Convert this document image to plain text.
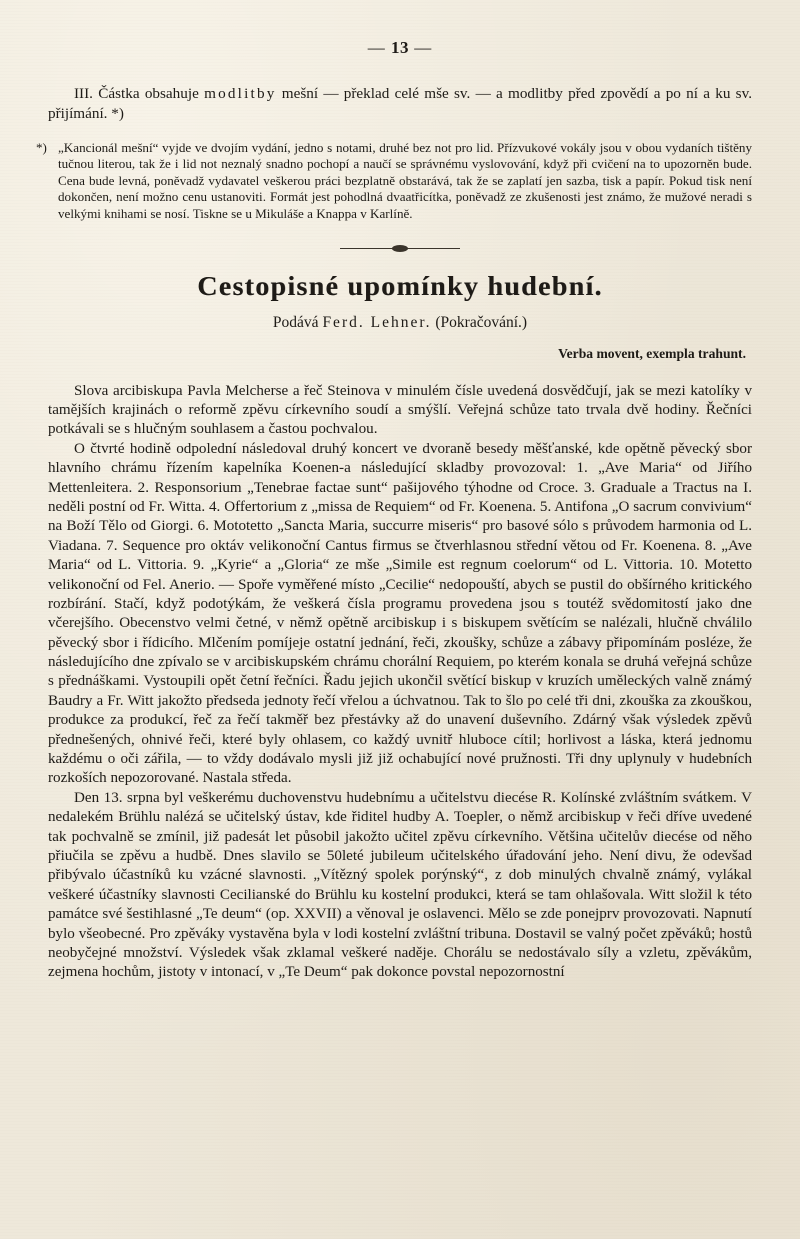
— 13 —

III. Částka obsahuje modlitby mešní — překlad celé mše sv. — a modlitby před zpovědí a po ní a ku sv. přijímání. *)

*) „Kancionál mešní“ vyjde ve dvojím vydání, jedno s notami, druhé bez not pro lid. Přízvukové vokály jsou v obou vydaních tištěny tučnou literou, tak že i lid not neznalý snadno pochopí a naučí se správnému vyslovování, když při cvičení na to upozorněn bude. Cena bude levná, poněvadž vydavatel veškerou práci bezplatně obstarává, tak že se zaplatí jen sazba, tisk a papír. Pokud tisk není dokončen, není možno cenu ustanoviti. Formát jest pohodlná dvaatřicítka, poněvadž ze zkušenosti jest známo, že mužové neradi s velkými knihami se nosí. Tiskne se u Mikuláše a Knappa v Karlíně.
Cestopisné upomínky hudební.
Podává Ferd. Lehner. (Pokračování.)
Verba movent, exempla trahunt.

Slova arcibiskupa Pavla Melcherse a řeč Steinova v minulém čísle uvedená dosvědčují, jak se mezi katolíky v tamějších krajinách o reformě zpěvu církevního soudí a smýšlí. Veřejná schůze tato trvala dvě hodiny. Řečníci potkávali se s hlučným souhlasem a častou pochvalou.

O čtvrté hodině odpolední následoval druhý koncert ve dvoraně besedy měšťanské, kde opětně pěvecký sbor hlavního chrámu řízením kapelníka Koenen-a následující skladby provozoval: 1. „Ave Maria“ od Jiřího Mettenleitera. 2. Responsorium „Tenebrae factae sunt“ pašijového týhodne od Croce. 3. Graduale a Tractus na I. neděli postní od Fr. Witta. 4. Offertorium z „missa de Requiem“ od Fr. Koenena. 5. Antifona „O sacrum convivium“ na Boží Tělo od Giorgi. 6. Mototetto „Sancta Maria, succurre miseris“ pro basové sólo s průvodem harmonia od L. Viadana. 7. Sequence pro oktáv velikonoční Cantus firmus se čtverhlasnou střední větou od Fr. Koenena. 8. „Ave Maria“ od L. Vittoria. 9. „Kyrie“ a „Gloria“ ze mše „Simile est regnum coelorum“ od L. Vittoria. 10. Motetto velikonoční od Fel. Anerio. — Spoře vyměřené místo „Cecilie“ nedopouští, abych se pustil do obšírného kritického rozbírání. Stačí, když podotýkám, že veškerá čísla programu provedena jsou s toutéž svědomitostí jako dne včerejšího. Obecenstvo velmi četné, v němž opětně arcibiskup i s biskupem světícím se nalézali, hlučně chválilo pěvecký sbor i řídicího. Mlčením pomíjeje ostatní jednání, řeči, zkoušky, schůze a zábavy připomínám posléze, že následujícího dne zpívalo se v arcibiskupském chrámu chorální Requiem, po kterém konala se druhá veřejná schůze s přednáškami. Vystoupili opět četní řečníci. Řadu jejich ukončil světící biskup v kruzích uměleckých valně známý Baudry a Fr. Witt jakožto předseda jednoty řečí vřelou a úchvatnou. Tak to šlo po celé tři dni, zkouška za zkouškou, produkce za produkcí, řeč za řečí takměř bez přestávky až do unavení duševního. Zdárný však výsledek zpěvů přednešených, ohnivé řeči, které byly ohlasem, co každý uvnitř hluboce cítil; horlivost a láska, která jednomu každému o oči zářila, — to vždy dodávalo mysli již již ochabující nové pružnosti. Tři dny uplynuly v hudebních rozkoších nepozorované. Nastala středa.

Den 13. srpna byl veškerému duchovenstvu hudebnímu a učitelstvu diecése R. Kolínské zvláštním svátkem. V nedalekém Brühlu nalézá se učitelský ústav, kde řiditel hudby A. Toepler, o němž arcibiskup v řeči dříve uvedené tak pochvalně se zmínil, již padesát let působil jakožto učitel zpěvu církevního. Většina učitelův diecése od něho přiučila se zpěvu a hudbě. Dnes slavilo se 50leté jubileum učitelského úřadování jeho. Není divu, že odevšad přibývalo účastníků ku vzácné slavnosti. „Vítězný spolek porýnský“, z dob minulých chvalně známý, vylákal veškeré účastníky slavnosti Cecilianské do Brühlu ku kostelní produkci, která se tam ohlašovala. Witt složil k této památce své šestihlasné „Te deum“ (op. XXVII) a věnoval je oslavenci. Mělo se zde ponejprv provozovati. Napnutí bylo všeobecné. Pro zpěváky vystavěna byla v lodi kostelní zvláštní tribuna. Dostavil se valný počet zpěváků; hostů neobyčejné množství. Výsledek však zklamal veškeré naděje. Chorálu se nedostávalo síly a vzletu, zpěvákům, zejmena hochům, jistoty v intonací, v „Te Deum“ pak dokonce povstal nepozornostní
